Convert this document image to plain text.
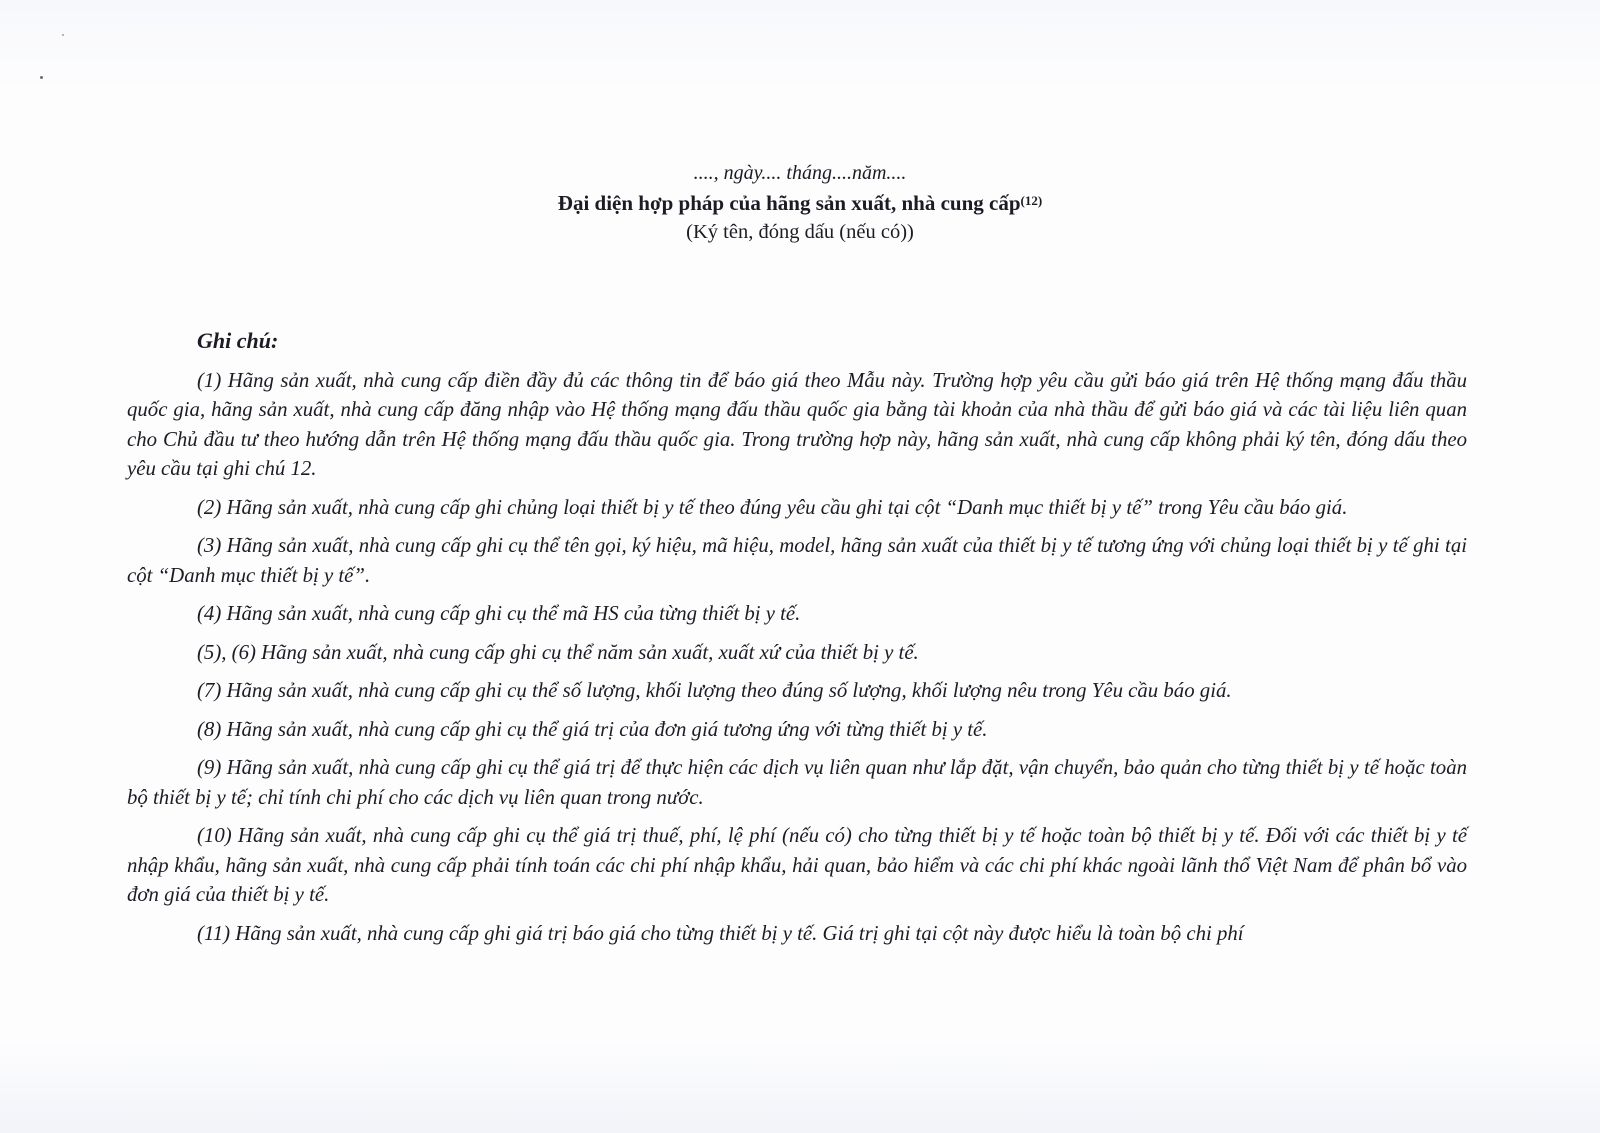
...., ngày.... tháng....năm....
Đại diện hợp pháp của hãng sản xuất, nhà cung cấp$^{(12)}$
(Ký tên, đóng dấu (nếu có))
Ghi chú:

(1) Hãng sản xuất, nhà cung cấp điền đầy đủ các thông tin để báo giá theo Mẫu này. Trường hợp yêu cầu gửi báo giá trên Hệ thống mạng đấu thầu quốc gia, hãng sản xuất, nhà cung cấp đăng nhập vào Hệ thống mạng đấu thầu quốc gia bằng tài khoản của nhà thầu để gửi báo giá và các tài liệu liên quan cho Chủ đầu tư theo hướng dẫn trên Hệ thống mạng đấu thầu quốc gia. Trong trường hợp này, hãng sản xuất, nhà cung cấp không phải ký tên, đóng dấu theo yêu cầu tại ghi chú 12.

(2) Hãng sản xuất, nhà cung cấp ghi chủng loại thiết bị y tế theo đúng yêu cầu ghi tại cột “Danh mục thiết bị y tế” trong Yêu cầu báo giá.

(3) Hãng sản xuất, nhà cung cấp ghi cụ thể tên gọi, ký hiệu, mã hiệu, model, hãng sản xuất của thiết bị y tế tương ứng với chủng loại thiết bị y tế ghi tại cột “Danh mục thiết bị y tế”.

(4) Hãng sản xuất, nhà cung cấp ghi cụ thể mã HS của từng thiết bị y tế.

(5), (6) Hãng sản xuất, nhà cung cấp ghi cụ thể năm sản xuất, xuất xứ của thiết bị y tế.

(7) Hãng sản xuất, nhà cung cấp ghi cụ thể số lượng, khối lượng theo đúng số lượng, khối lượng nêu trong Yêu cầu báo giá.

(8) Hãng sản xuất, nhà cung cấp ghi cụ thể giá trị của đơn giá tương ứng với từng thiết bị y tế.

(9) Hãng sản xuất, nhà cung cấp ghi cụ thể giá trị để thực hiện các dịch vụ liên quan như lắp đặt, vận chuyển, bảo quản cho từng thiết bị y tế hoặc toàn bộ thiết bị y tế; chỉ tính chi phí cho các dịch vụ liên quan trong nước.

(10) Hãng sản xuất, nhà cung cấp ghi cụ thể giá trị thuế, phí, lệ phí (nếu có) cho từng thiết bị y tế hoặc toàn bộ thiết bị y tế. Đối với các thiết bị y tế nhập khẩu, hãng sản xuất, nhà cung cấp phải tính toán các chi phí nhập khẩu, hải quan, bảo hiểm và các chi phí khác ngoài lãnh thổ Việt Nam để phân bổ vào đơn giá của thiết bị y tế.

(11) Hãng sản xuất, nhà cung cấp ghi giá trị báo giá cho từng thiết bị y tế. Giá trị ghi tại cột này được hiểu là toàn bộ chi phí
